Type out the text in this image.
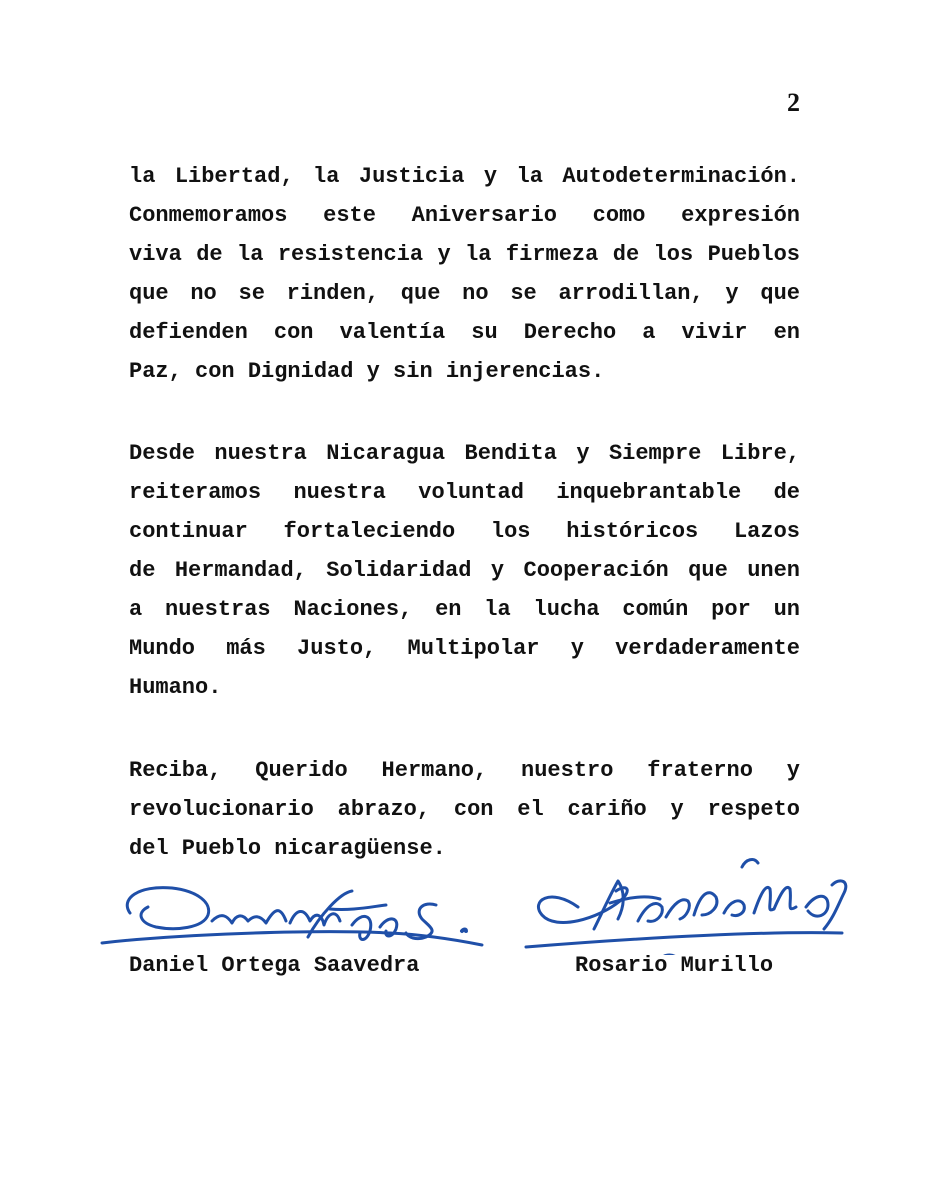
2
la Libertad, la Justicia y la Autodeterminación.
Conmemoramos este Aniversario como expresión
viva de la resistencia y la firmeza de los Pueblos
que no se rinden, que no se arrodillan, y que
defienden con valentía su Derecho a vivir en
Paz, con Dignidad y sin injerencias.
Desde nuestra Nicaragua Bendita y Siempre Libre,
reiteramos nuestra voluntad inquebrantable de
continuar fortaleciendo los históricos Lazos
de Hermandad, Solidaridad y Cooperación que unen
a nuestras Naciones, en la lucha común por un
Mundo más Justo, Multipolar y verdaderamente
Humano.
Reciba, Querido Hermano, nuestro fraterno y
revolucionario abrazo, con el cariño y respeto
del Pueblo nicaragüense.
Daniel Ortega Saavedra	Rosario Murillo
